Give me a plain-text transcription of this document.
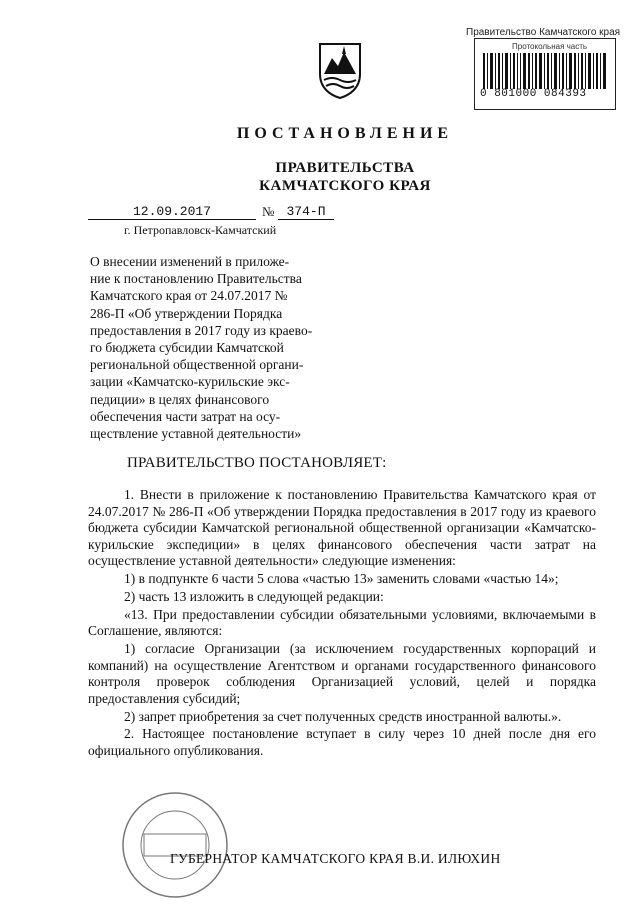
Правительство Камчатского края
Протокольная часть
0 801000 084393
ПОСТАНОВЛЕНИЕ
ПРАВИТЕЛЬСТВА
КАМЧАТСКОГО КРАЯ
12.09.2017	№ 374-П
г. Петропавловск-Камчатский
О внесении изменений в приложе-
ние к постановлению Правительства
Камчатского края от 24.07.2017 №
286-П «Об утверждении Порядка
предоставления в 2017 году из краево-
го бюджета субсидии Камчатской
региональной общественной органи-
зации «Камчатско-курильские экс-
педиции» в целях финансового
обеспечения части затрат на осу-
ществление уставной деятельности»
ПРАВИТЕЛЬСТВО ПОСТАНОВЛЯЕТ:

1. Внести в приложение к постановлению Правительства Камчатского края от 24.07.2017 № 286-П «Об утверждении Порядка предоставления в 2017 году из краевого бюджета субсидии Камчатской региональной общественной организации «Камчатско-курильские экспедиции» в целях финансового обеспечения части затрат на осуществление уставной деятельности» следующие изменения:

1) в подпункте 6 части 5 слова «частью 13» заменить словами «частью 14»;

2) часть 13 изложить в следующей редакции:

«13. При предоставлении субсидии обязательными условиями, включаемыми в Соглашение, являются:

1) согласие Организации (за исключением государственных корпораций и компаний) на осуществление Агентством и органами государственного финансового контроля проверок соблюдения Организацией условий, целей и порядка предоставления субсидий;

2) запрет приобретения за счет полученных средств иностранной валюты.».

2. Настоящее постановление вступает в силу через 10 дней после дня его официального опубликования.

ГУБЕРНАТОР КАМЧАТСКОГО КРАЯ В.И. ИЛЮХИН
